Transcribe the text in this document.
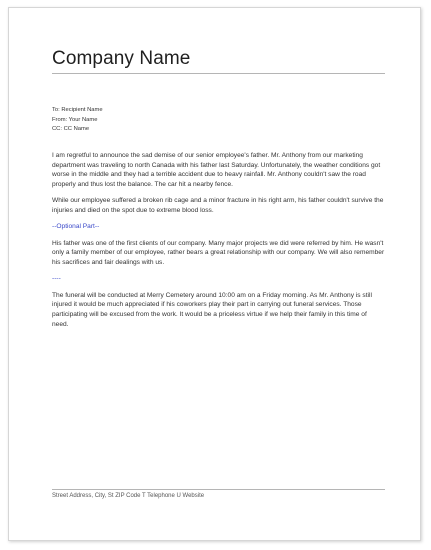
Company Name
To: Recipient Name
From: Your Name
CC: CC Name

I am regretful to announce the sad demise of our senior employee's father. Mr. Anthony from our marketing department was traveling to north Canada with his father last Saturday. Unfortunately, the weather conditions got worse in the middle and they had a terrible accident due to heavy rainfall. Mr. Anthony couldn't saw the road properly and thus lost the balance. The car hit a nearby fence.

While our employee suffered a broken rib cage and a minor fracture in his right arm, his father couldn't survive the injuries and died on the spot due to extreme blood loss.

--Optional Part--

His father was one of the first clients of our company. Many major projects we did were referred by him. He wasn't only a family member of our employee, rather bears a great relationship with our company. We will also remember his sacrifices and fair dealings with us.

----

The funeral will be conducted at Merry Cemetery around 10:00 am on a Friday morning. As Mr. Anthony is still injured it would be much appreciated if his coworkers play their part in carrying out funeral services. Those participating will be excused from the work. It would be a priceless virtue if we help their family in this time of need.

Street Address, City, St ZIP Code T Telephone U Website
